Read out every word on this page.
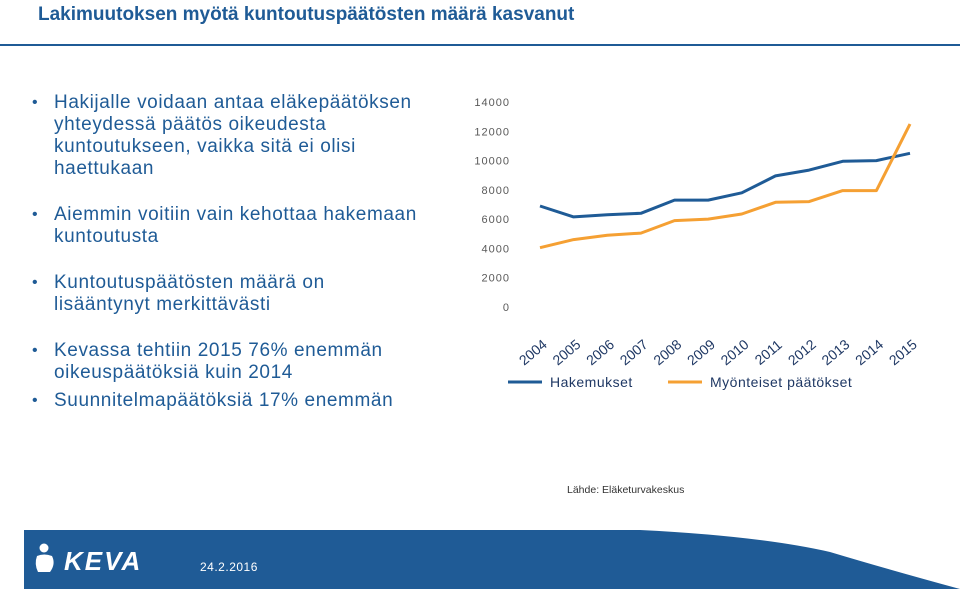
Lakimuutoksen myötä kuntoutuspäätösten määrä kasvanut
• Hakijalle voidaan antaa eläkepäätöksen yhteydessä päätös oikeudesta kuntoutukseen, vaikka sitä ei olisi haettukaan
• Aiemmin voitiin vain kehottaa hakemaan kuntoutusta
• Kuntoutuspäätösten määrä on lisääntynyt merkittävästi
• Kevassa tehtiin 2015 76% enemmän oikeuspäätöksiä kuin 2014
• Suunnitelmapäätöksiä 17% enemmän
0
2000
4000
6000
8000
10000
12000
14000
2004 2005 2006 2007 2008 2009 2010 2011 2012 2013 2014 2015
Hakemukset	Myönteiset päätökset
Lähde: Eläketurvakeskus
KEVA	24.2.2016
